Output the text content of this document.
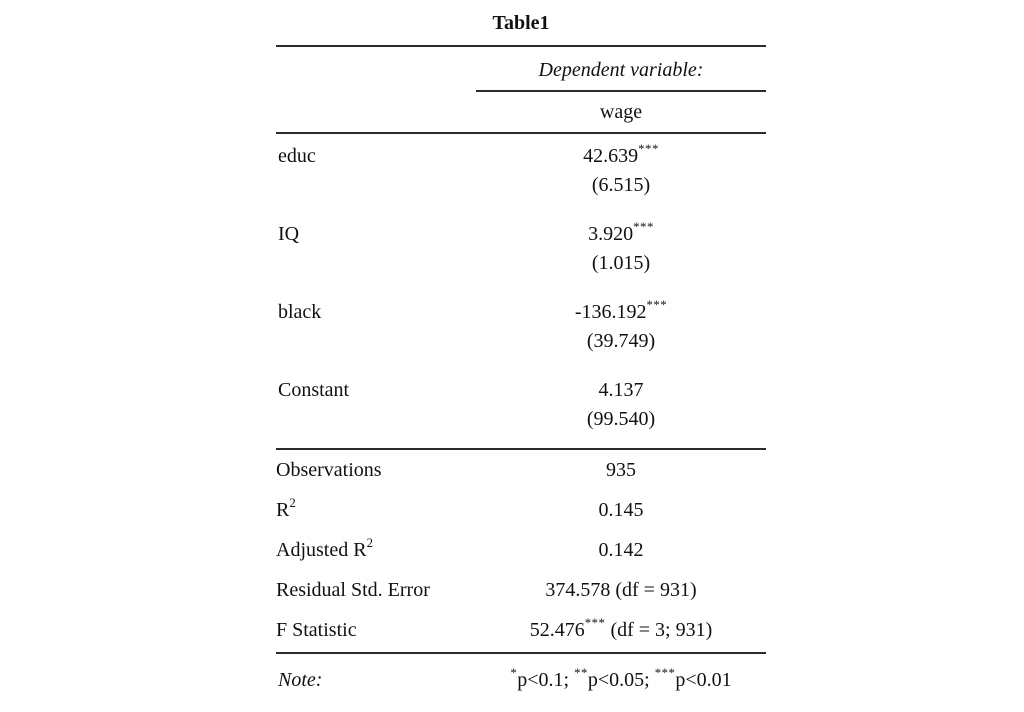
Table1	
	Dependent variable:
	wage
educ	42.639***
	(6.515)
IQ	3.920***
	(1.015)
black	-136.192***
	(39.749)
Constant	4.137
	(99.540)
Observations	935
$R^2$	0.145
Adjusted $R^2$	0.142
Residual Std. Error	374.578 (df = 931)
F Statistic	52.476*** (df = 3; 931)
Note:	*p<0.1; **p<0.05; ***p<0.01
